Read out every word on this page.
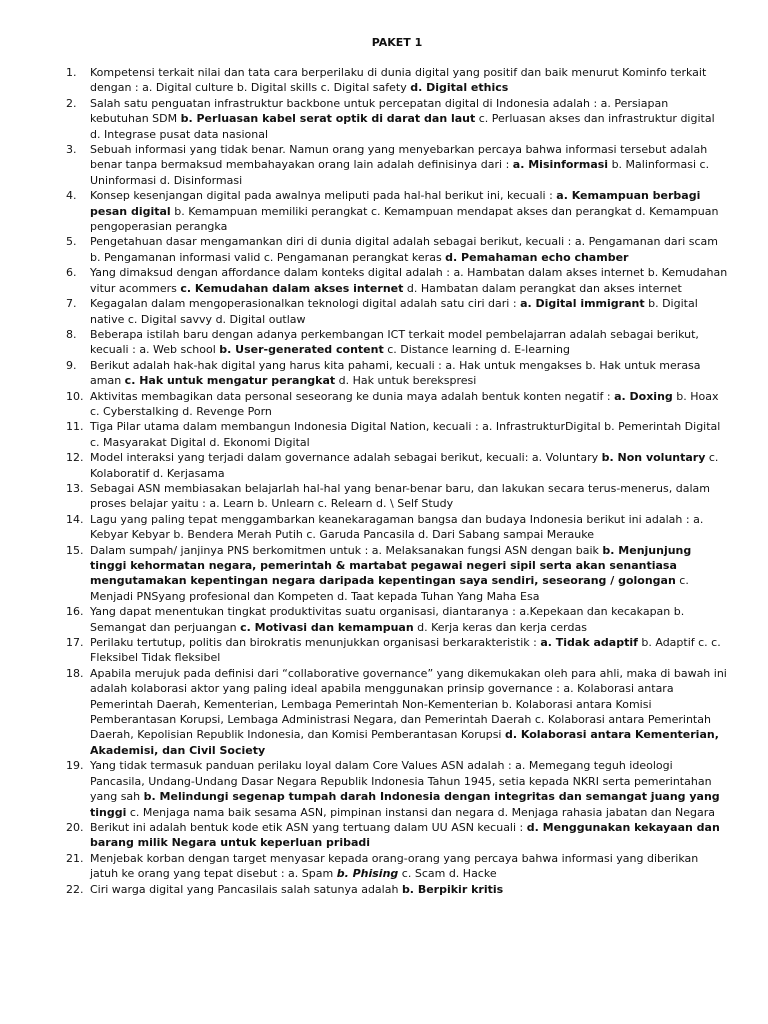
PAKET 1
1.	Kompetensi terkait nilai dan tata cara berperilaku di dunia digital yang positif dan baik menurut Kominfo terkait dengan : a. Digital culture b. Digital skills c. Digital safety d. Digital ethics
2.	Salah satu penguatan infrastruktur backbone untuk percepatan digital di Indonesia adalah : a. Persiapan kebutuhan SDM b. Perluasan kabel serat optik di darat dan laut c. Perluasan akses dan infrastruktur digital d. Integrase pusat data nasional
3.	Sebuah informasi yang tidak benar. Namun orang yang menyebarkan percaya bahwa informasi tersebut adalah benar tanpa bermaksud membahayakan orang lain adalah definisinya dari : a. Misinformasi b. Malinformasi c. Uninformasi d. Disinformasi
4.	Konsep kesenjangan digital pada awalnya meliputi pada hal-hal berikut ini, kecuali : a. Kemampuan berbagi pesan digital b. Kemampuan memiliki perangkat c. Kemampuan mendapat akses dan perangkat d. Kemampuan pengoperasian perangka
5.	Pengetahuan dasar mengamankan diri di dunia digital adalah sebagai berikut, kecuali : a. Pengamanan dari scam b. Pengamanan informasi valid c. Pengamanan perangkat keras d. Pemahaman echo chamber
6.	Yang dimaksud dengan affordance dalam konteks digital adalah : a. Hambatan dalam akses internet b. Kemudahan vitur acommers c. Kemudahan dalam akses internet d. Hambatan dalam perangkat dan akses internet
7.	Kegagalan dalam mengoperasionalkan teknologi digital adalah satu ciri dari : a. Digital immigrant b. Digital native c. Digital savvy d. Digital outlaw
8.	Beberapa istilah baru dengan adanya perkembangan ICT terkait model pembelajarran adalah sebagai berikut, kecuali : a. Web school b. User-generated content c. Distance learning d. E-learning
9.	Berikut adalah hak-hak digital yang harus kita pahami, kecuali : a. Hak untuk mengakses b. Hak untuk merasa aman c. Hak untuk mengatur perangkat d. Hak untuk berekspresi
10. Aktivitas membagikan data personal seseorang ke dunia maya adalah bentuk konten negatif : a. Doxing b. Hoax c. Cyberstalking d. Revenge Porn
11. Tiga Pilar utama dalam membangun Indonesia Digital Nation, kecuali : a. InfrastrukturDigital b. Pemerintah Digital c. Masyarakat Digital d. Ekonomi Digital
12. Model interaksi yang terjadi dalam governance adalah sebagai berikut, kecuali: a. Voluntary b. Non voluntary c. Kolaboratif d. Kerjasama
13. Sebagai ASN membiasakan belajarlah hal-hal yang benar-benar baru, dan lakukan secara terus-menerus, dalam proses belajar yaitu : a. Learn b. Unlearn c. Relearn d. \ Self Study
14. Lagu yang paling tepat menggambarkan keanekaragaman bangsa dan budaya Indonesia berikut ini adalah : a. Kebyar Kebyar b. Bendera Merah Putih c. Garuda Pancasila d. Dari Sabang sampai Merauke
15. Dalam sumpah/ janjinya PNS berkomitmen untuk : a. Melaksanakan fungsi ASN dengan baik b. Menjunjung tinggi kehormatan negara, pemerintah & martabat pegawai negeri sipil serta akan senantiasa mengutamakan kepentingan negara daripada kepentingan saya sendiri, seseorang / golongan c. Menjadi PNSyang profesional dan Kompeten d. Taat kepada Tuhan Yang Maha Esa
16. Yang dapat menentukan tingkat produktivitas suatu organisasi, diantaranya : a.Kepekaan dan kecakapan b. Semangat dan perjuangan c. Motivasi dan kemampuan d. Kerja keras dan kerja cerdas
17. Perilaku tertutup, politis dan birokratis menunjukkan organisasi berkarakteristik : a. Tidak adaptif b. Adaptif c. c. Fleksibel Tidak fleksibel
18. Apabila merujuk pada definisi dari “collaborative governance” yang dikemukakan oleh para ahli, maka di bawah ini adalah kolaborasi aktor yang paling ideal apabila menggunakan prinsip governance : a. Kolaborasi antara Pemerintah Daerah, Kementerian, Lembaga Pemerintah Non-Kementerian b. Kolaborasi antara Komisi Pemberantasan Korupsi, Lembaga Administrasi Negara, dan Pemerintah Daerah c. Kolaborasi antara Pemerintah Daerah, Kepolisian Republik Indonesia, dan Komisi Pemberantasan Korupsi d. Kolaborasi antara Kementerian, Akademisi, dan Civil Society
19. Yang tidak termasuk panduan perilaku loyal dalam Core Values ASN adalah : a. Memegang teguh ideologi Pancasila, Undang-Undang Dasar Negara Republik Indonesia Tahun 1945, setia kepada NKRI serta pemerintahan yang sah b. Melindungi segenap tumpah darah Indonesia dengan integritas dan semangat juang yang tinggi c. Menjaga nama baik sesama ASN, pimpinan instansi dan negara d. Menjaga rahasia jabatan dan Negara
20. Berikut ini adalah bentuk kode etik ASN yang tertuang dalam UU ASN kecuali : d. Menggunakan kekayaan dan barang milik Negara untuk keperluan pribadi
21. Menjebak korban dengan target menyasar kepada orang-orang yang percaya bahwa informasi yang diberikan jatuh ke orang yang tepat disebut : a. Spam b. Phising c. Scam d. Hacke
22. Ciri warga digital yang Pancasilais salah satunya adalah b. Berpikir kritis
